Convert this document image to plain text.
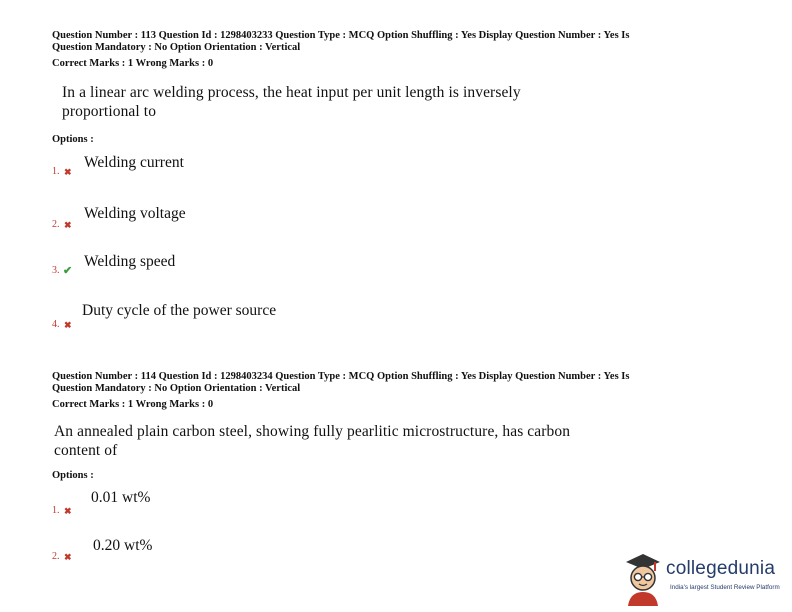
Question Number : 113 Question Id : 1298403233 Question Type : MCQ Option Shuffling : Yes Display Question Number : Yes Is
Question Mandatory : No Option Orientation : Vertical
Correct Marks : 1 Wrong Marks : 0
In a linear arc welding process, the heat input per unit length is inversely
proportional to
Options :
1. ✖
Welding current
2. ✖
Welding voltage
3. ✔
Welding speed
4. ✖
Duty cycle of the power source
Question Number : 114 Question Id : 1298403234 Question Type : MCQ Option Shuffling : Yes Display Question Number : Yes Is
Question Mandatory : No Option Orientation : Vertical
Correct Marks : 1 Wrong Marks : 0
An annealed plain carbon steel, showing fully pearlitic microstructure, has carbon
content of
Options :
1. ✖
0.01 wt%
2. ✖
0.20 wt%
collegedunia
India's largest Student Review Platform
